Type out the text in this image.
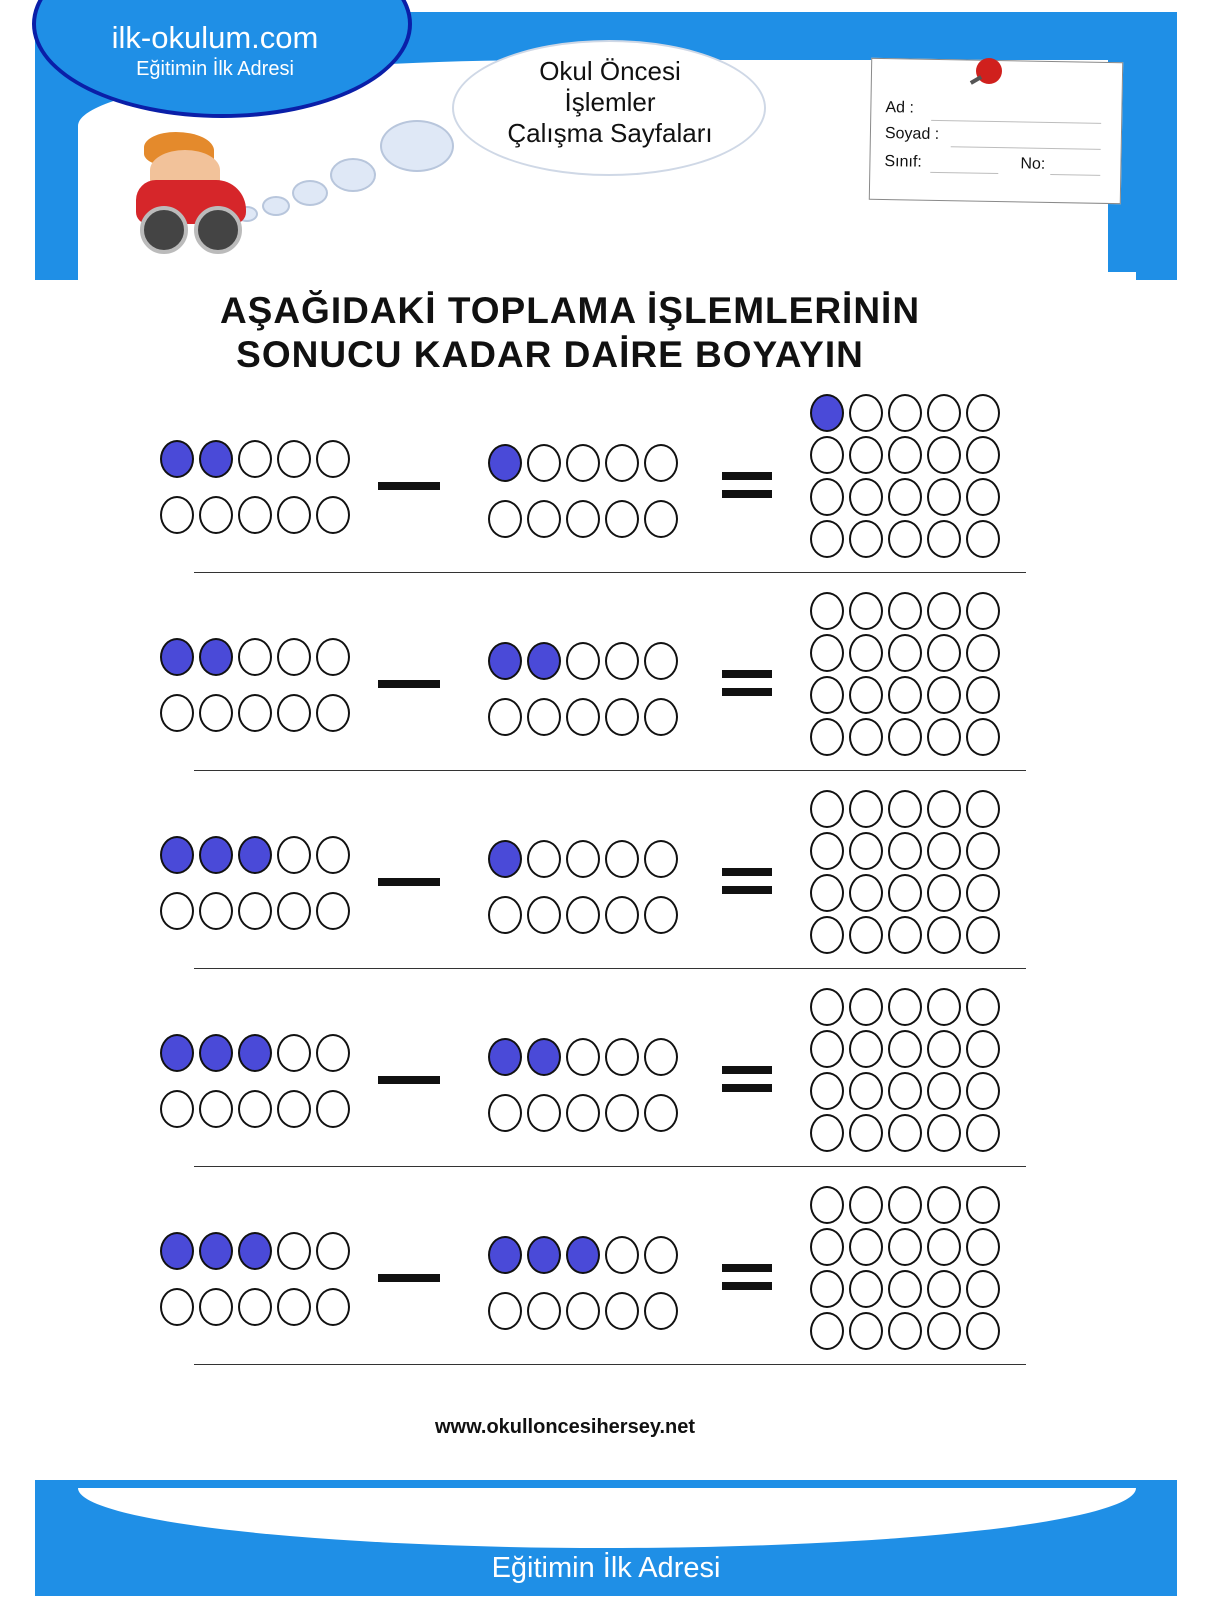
ilk-okulum.com
Eğitimin İlk Adresi	Okul Öncesi
İşlemler
Çalışma Sayfaları
Ad :
Soyad :
Sınıf:	No:
AŞAĞIDAKİ TOPLAMA İŞLEMLERİNİN
SONUCU KADAR DAİRE BOYAYIN
www.okulloncesihersey.net
ilk-okulum.com
Eğitimin İlk Adresi
